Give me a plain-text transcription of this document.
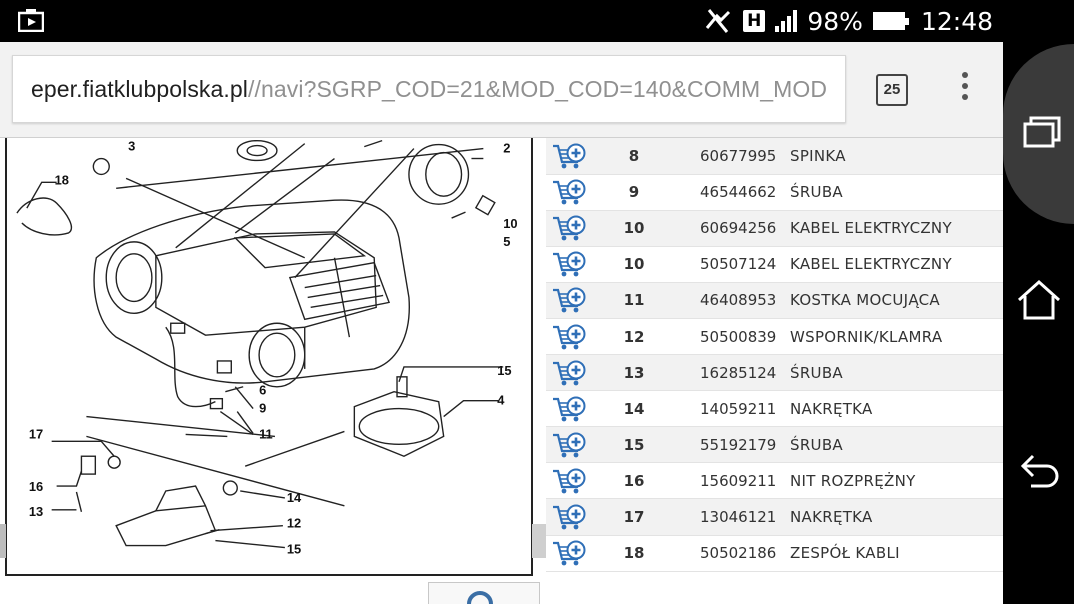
H 98% 12:48
eper.fiatklubpolska.pl//navi?SGRP_COD=21&MOD_COD=140&COMM_MOD	25
3	2
18
10
5
15
4
6
9
11
17
16
13
14
12
15
	8	60677995	SPINKA

	9	46544662	ŚRUBA

	10	60694256	KABEL ELEKTRYCZNY

	10	50507124	KABEL ELEKTRYCZNY

	11	46408953	KOSTKA MOCUJĄCA

	12	50500839	WSPORNIK/KLAMRA

	13	16285124	ŚRUBA

	14	14059211	NAKRĘTKA

	15	55192179	ŚRUBA

	16	15609211	NIT ROZPRĘŻNY

	17	13046121	NAKRĘTKA

	18	50502186	ZESPÓŁ KABLI
